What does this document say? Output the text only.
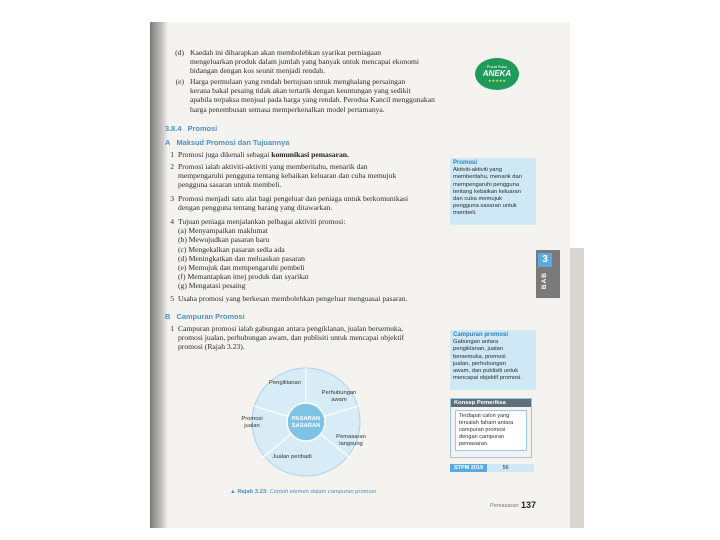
(d) Kaedah ini diharapkan akan membolehkan syarikat perniagaan
mengeluarkan produk dalam jumlah yang banyak untuk mencapai ekonomi
bidangan dengan kos seunit menjadi rendah.
(e) Harga permulaan yang rendah bertujuan untuk menghalang persaingan
kerana bakal pesaing tidak akan tertarik dengan keuntungan yang sedikit
apabila terpaksa menjual pada harga yang rendah. Perodua Kancil menggunakan
harga penembusan semasa memperkenalkan model pertamanya.
3.8.4 Promosi
A Maksud Promosi dan Tujuannya
1 Promosi juga dikenali sebagai komunikasi pemasaran.
2 Promosi ialah aktiviti-aktiviti yang memberitahu, menarik dan
mempengaruhi pengguna tentang kebaikan keluaran dan cuba memujuk
pengguna sasaran untuk membeli.
3 Promosi menjadi satu alat bagi pengeluar dan peniaga untuk berkomunikasi
dengan pengguna tentang barang yang ditawarkan.
4 Tujuan peniaga menjalankan pelbagai aktiviti promosi:
(a) Menyampaikan maklumat
(b) Mewujudkan pasaran baru
(c) Mengekalkan pasaran sedia ada
(d) Meningkatkan dan meluaskan pasaran
(e) Memujuk dan mempengaruhi pembeli
(f) Memantapkan imej produk dan syarikat
(g) Mengatasi pesaing
5 Usaha promosi yang berkesan membolehkan pengeluar menguasai pasaran.
B Campuran Promosi
1 Campuran promosi ialah gabungan antara pengiklanan, jualan bersemuka,
promosi jualan, perhubungan awam, dan publisiti untuk mencapai objektif
promosi (Rajah 3.23).
PASARAN
SASARAN
Pengiklanan
Perhubungan
awam
Promosi
jualan
Pemasaran
langsung
Jualan peribadi
▲ Rajah 3.23: Contoh elemen dalam campuran promosi
Pusat Buku
ANEKA
★★★★★
Promosi
Aktiviti-aktiviti yang
memberitahu, menarik dan
mempengaruhi pengguna
tentang kebaikan keluaran
dan cuba memujuk
pengguna sasaran untuk
membeli.
3
BAB
Campuran promosi
Gabungan antara
pengiklanan, jualan
bersemuka, promosi
jualan, perhubungan
awam, dan publisiti untuk
mencapai objektif promosi.
Konsep Pemeriksa
Terdapat calon yang
tersalah faham antara
campuran promosi
dengan campuran
pemasaran.
STPM 2019	56
Pemasaran 137
